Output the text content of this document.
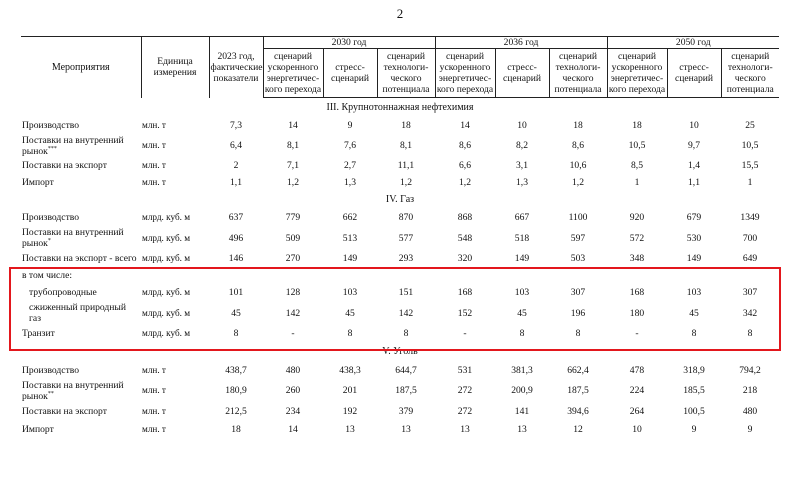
2
Мероприятия	Единица измерения	2023 год, фактические показатели	2030 год			2036 год			2050 год		
			сценарий ускоренного энергетичес-кого перехода	стресс-сценарий	сценарий технологи-ческого потенциала	сценарий ускоренного энергетичес-кого перехода	стресс-сценарий	сценарий технологи-ческого потенциала	сценарий ускоренного энергетичес-кого перехода	стресс-сценарий	сценарий технологи-ческого потенциала
III. Крупнотоннажная нефтехимия											
Производство	млн. т	7,3	14	9	18	14	10	18	18	10	25
Поставки на внутренний рынок***	млн. т	6,4	8,1	7,6	8,1	8,6	8,2	8,6	10,5	9,7	10,5
Поставки на экспорт	млн. т	2	7,1	2,7	11,1	6,6	3,1	10,6	8,5	1,4	15,5
Импорт	млн. т	1,1	1,2	1,3	1,2	1,2	1,3	1,2	1	1,1	1
IV. Газ											
Производство	млрд. куб. м	637	779	662	870	868	667	1100	920	679	1349
Поставки на внутренний рынок*	млрд. куб. м	496	509	513	577	548	518	597	572	530	700
Поставки на экспорт - всего	млрд. куб. м	146	270	149	293	320	149	503	348	149	649
в том числе:											
трубопроводные	млрд. куб. м	101	128	103	151	168	103	307	168	103	307
сжиженный природный газ	млрд. куб. м	45	142	45	142	152	45	196	180	45	342
Транзит	млрд. куб. м	8	-	8	8	-	8	8	-	8	8
V. Уголь											
Производство	млн. т	438,7	480	438,3	644,7	531	381,3	662,4	478	318,9	794,2
Поставки на внутренний рынок**	млн. т	180,9	260	201	187,5	272	200,9	187,5	224	185,5	218
Поставки на экспорт	млн. т	212,5	234	192	379	272	141	394,6	264	100,5	480
Импорт	млн. т	18	14	13	13	13	13	12	10	9	9
